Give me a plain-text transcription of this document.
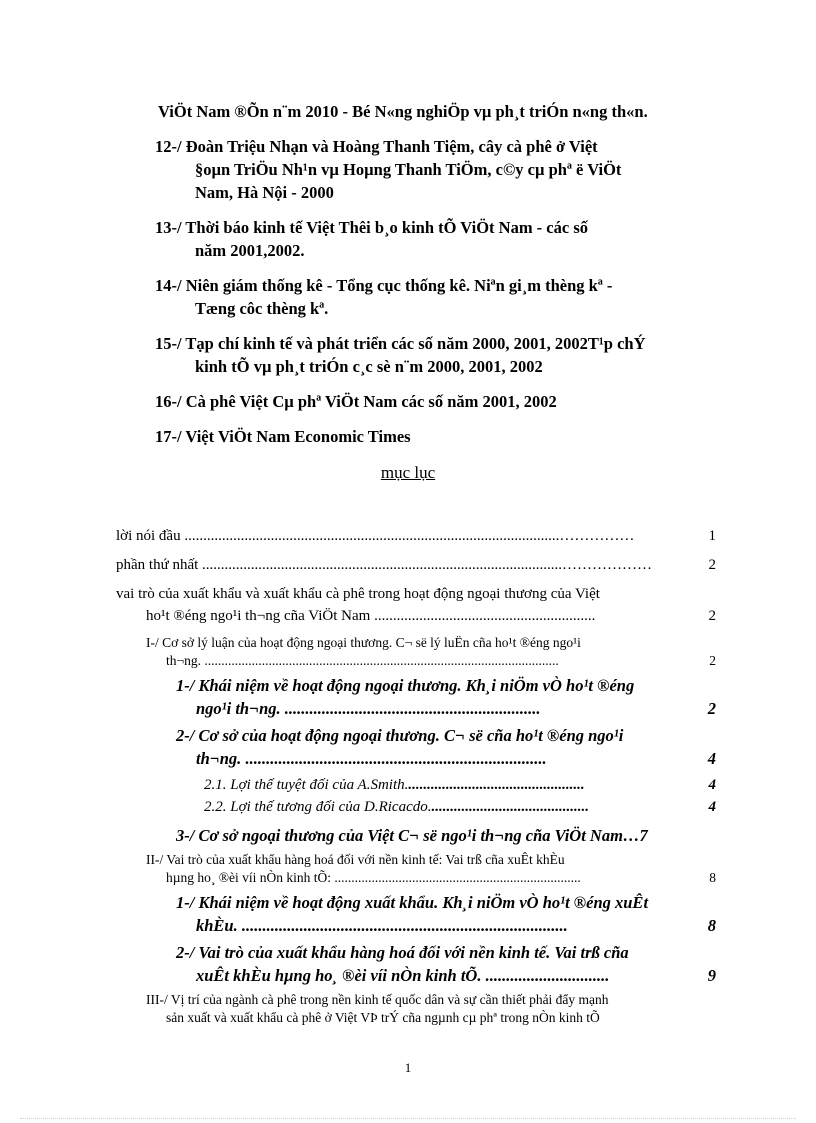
ViÖt Nam ®Õn n¨m 2010 - Bé N«ng nghiÖp vµ ph¸t triÓn n«ng th«n.
12-/ Đoàn Triệu Nhạn và Hoàng Thanh Tiệm, cây cà phê ở Việt
§oµn TriÖu Nh¹n vµ Hoµng Thanh TiÖm, c©y cµ phª ë ViÖt
Nam, Hà Nội - 2000
13-/ Thời báo kinh tế Việt Thêi b¸o kinh tÕ ViÖt Nam - các số
năm 2001,2002.
14-/ Niên giám thống kê - Tổng cục thống kê. Niªn gi¸m thèng kª -
Tæng côc thèng kª.
15-/ Tạp chí kinh tế và phát triển các số năm 2000, 2001, 2002T¹p chÝ
kinh tÕ vµ ph¸t triÓn c¸c sè n¨m 2000, 2001, 2002
16-/ Cà phê Việt Cµ phª ViÖt Nam các số năm 2001, 2002
17-/ Việt ViÖt Nam Economic Times
mục lục
lời nói đầu ....................................................................................................……………	1
phần thứ nhất ................................................................................................………………	2
vai trò của xuất khẩu và xuất khẩu cà phê trong hoạt động ngoại thương của Việt
ho¹t ®éng ngo¹i th¬ng cña ViÖt Nam ...........................................................	2
I-/ Cơ sở lý luận của hoạt động ngoại thương. C¬ së lý luËn cña ho¹t ®éng ngo¹i
th¬ng. .........................................................................................................	2
1-/ Khái niệm về hoạt động ngoại thương. Kh¸i niÖm vÒ ho¹t ®éng
ngo¹i th¬ng. ..............................................................	2
2-/ Cơ sở của hoạt động ngoại thương. C¬ së cña ho¹t ®éng ngo¹i
th¬ng. .........................................................................	4
2.1. Lợi thế tuyệt đối của A.Smith................................................	4
2.2. Lợi thế tương đối của D.Ricacdo...........................................	4
3-/ Cơ sở ngoại thương của Việt C¬ së ngo¹i th¬ng cña ViÖt Nam…7
II-/ Vai trò của xuất khẩu hàng hoá đối với nền kinh tế: Vai trß cña xuÊt khÈu
hµng ho¸ ®èi víi nÒn kinh tÕ: .........................................................................	8
1-/ Khái niệm về hoạt động xuất khẩu. Kh¸i niÖm vÒ ho¹t ®éng xuÊt
khÈu. ...............................................................................	8
2-/ Vai trò của xuất khẩu hàng hoá đối với nền kinh tế. Vai trß cña
xuÊt khÈu hµng ho¸ ®èi víi nÒn kinh tÕ. ..............................	9
III-/ Vị trí của ngành cà phê trong nền kinh tế quốc dân và sự cần thiết phải đẩy mạnh
sản xuất và xuất khẩu cà phê ở Việt VÞ trÝ cña ngµnh cµ phª trong nÒn kinh tÕ
1
